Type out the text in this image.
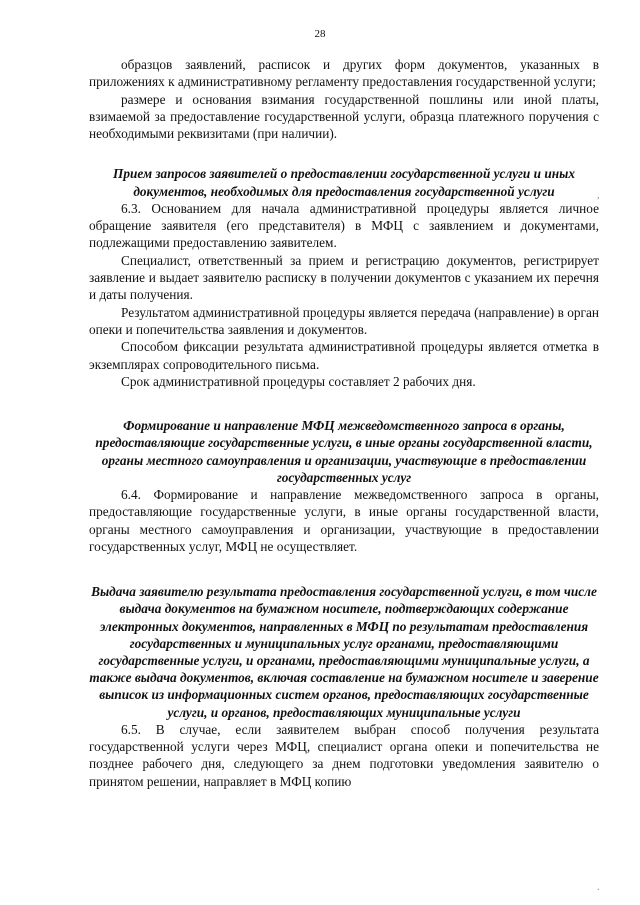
28

образцов заявлений, расписок и других форм документов, указанных в приложениях к административному регламенту предоставления государственной услуги;

размере и основания взимания государственной пошлины или иной платы, взимаемой за предоставление государственной услуги, образца платежного поручения с необходимыми реквизитами (при наличии).

Прием запросов заявителей о предоставлении государственной услуги и иных документов, необходимых для предоставления государственной услуги

6.3. Основанием для начала административной процедуры является личное обращение заявителя (его представителя) в МФЦ с заявлением и документами, подлежащими предоставлению заявителем.

Специалист, ответственный за прием и регистрацию документов, регистрирует заявление и выдает заявителю расписку в получении документов с указанием их перечня и даты получения.

Результатом административной процедуры является передача (направление) в орган опеки и попечительства заявления и документов.

Способом фиксации результата административной процедуры является отметка в экземплярах сопроводительного письма.

Срок административной процедуры составляет 2 рабочих дня.

Формирование и направление МФЦ межведомственного запроса в органы, предоставляющие государственные услуги, в иные органы государственной власти, органы местного самоуправления и организации, участвующие в предоставлении государственных услуг

6.4. Формирование и направление межведомственного запроса в органы, предоставляющие государственные услуги, в иные органы государственной власти, органы местного самоуправления и организации, участвующие в предоставлении государственных услуг, МФЦ не осуществляет.

Выдача заявителю результата предоставления государственной услуги, в том числе выдача документов на бумажном носителе, подтверждающих содержание электронных документов, направленных в МФЦ по результатам предоставления государственных и муниципальных услуг органами, предоставляющими государственные услуги, и органами, предоставляющими муниципальные услуги, а также выдача документов, включая составление на бумажном носителе и заверение выписок из информационных систем органов, предоставляющих государственные услуги, и органов, предоставляющих муниципальные услуги

6.5. В случае, если заявителем выбран способ получения результата государственной услуги через МФЦ, специалист органа опеки и попечительства не позднее рабочего дня, следующего за днем подготовки уведомления заявителю о принятом решении, направляет в МФЦ копию

,
.
